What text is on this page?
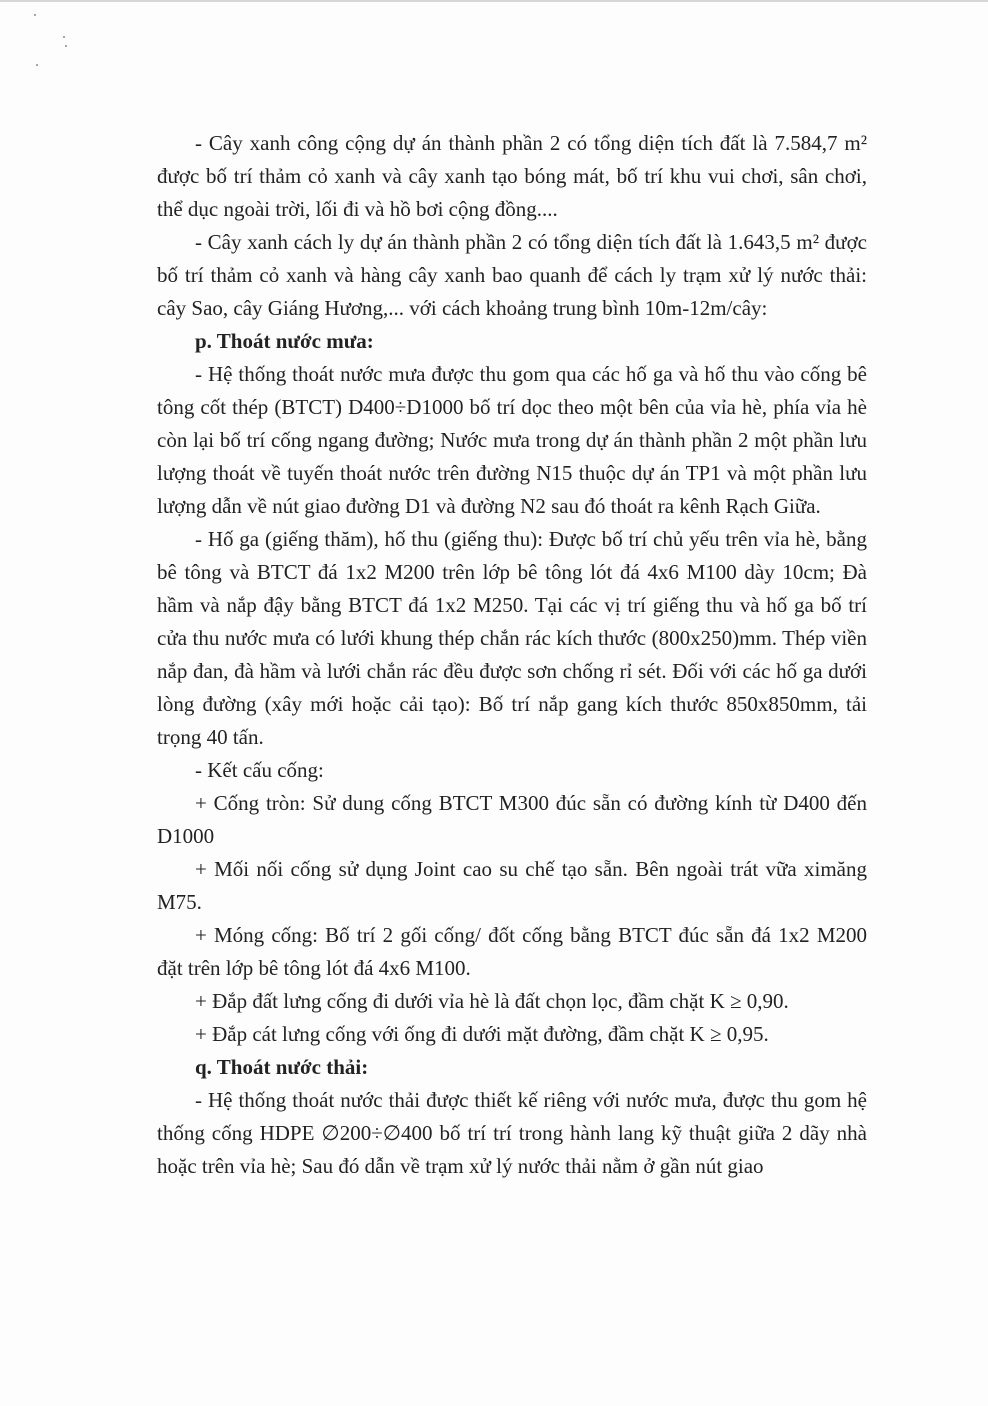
- Cây xanh công cộng dự án thành phần 2 có tổng diện tích đất là 7.584,7 m² được bố trí thảm cỏ xanh và cây xanh tạo bóng mát, bố trí khu vui chơi, sân chơi, thể dục ngoài trời, lối đi và hồ bơi cộng đồng....

- Cây xanh cách ly dự án thành phần 2 có tổng diện tích đất là 1.643,5 m² được bố trí thảm cỏ xanh và hàng cây xanh bao quanh để cách ly trạm xử lý nước thải: cây Sao, cây Giáng Hương,... với cách khoảng trung bình 10m-12m/cây:

p. Thoát nước mưa:

- Hệ thống thoát nước mưa được thu gom qua các hố ga và hố thu vào cống bê tông cốt thép (BTCT) D400÷D1000 bố trí dọc theo một bên của vỉa hè, phía vỉa hè còn lại bố trí cống ngang đường; Nước mưa trong dự án thành phần 2 một phần lưu lượng thoát về tuyến thoát nước trên đường N15 thuộc dự án TP1 và một phần lưu lượng dẫn về nút giao đường D1 và đường N2 sau đó thoát ra kênh Rạch Giữa.

- Hố ga (giếng thăm), hố thu (giếng thu): Được bố trí chủ yếu trên vỉa hè, bằng bê tông và BTCT đá 1x2 M200 trên lớp bê tông lót đá 4x6 M100 dày 10cm; Đà hầm và nắp đậy bằng BTCT đá 1x2 M250. Tại các vị trí giếng thu và hố ga bố trí cửa thu nước mưa có lưới khung thép chắn rác kích thước (800x250)mm. Thép viền nắp đan, đà hầm và lưới chắn rác đều được sơn chống rỉ sét. Đối với các hố ga dưới lòng đường (xây mới hoặc cải tạo): Bố trí nắp gang kích thước 850x850mm, tải trọng 40 tấn.

- Kết cấu cống:

+ Cống tròn: Sử dung cống BTCT M300 đúc sẵn có đường kính từ D400 đến D1000

+ Mối nối cống sử dụng Joint cao su chế tạo sẵn. Bên ngoài trát vữa ximăng M75.

+ Móng cống: Bố trí 2 gối cống/ đốt cống bằng BTCT đúc sẵn đá 1x2 M200 đặt trên lớp bê tông lót đá 4x6 M100.

+ Đắp đất lưng cống đi dưới vỉa hè là đất chọn lọc, đầm chặt K ≥ 0,90.

+ Đắp cát lưng cống với ống đi dưới mặt đường, đầm chặt K ≥ 0,95.

q. Thoát nước thải:

- Hệ thống thoát nước thải được thiết kế riêng với nước mưa, được thu gom hệ thống cống HDPE ∅200÷∅400 bố trí trí trong hành lang kỹ thuật giữa 2 dãy nhà hoặc trên vỉa hè; Sau đó dẫn về trạm xử lý nước thải nằm ở gần nút giao
